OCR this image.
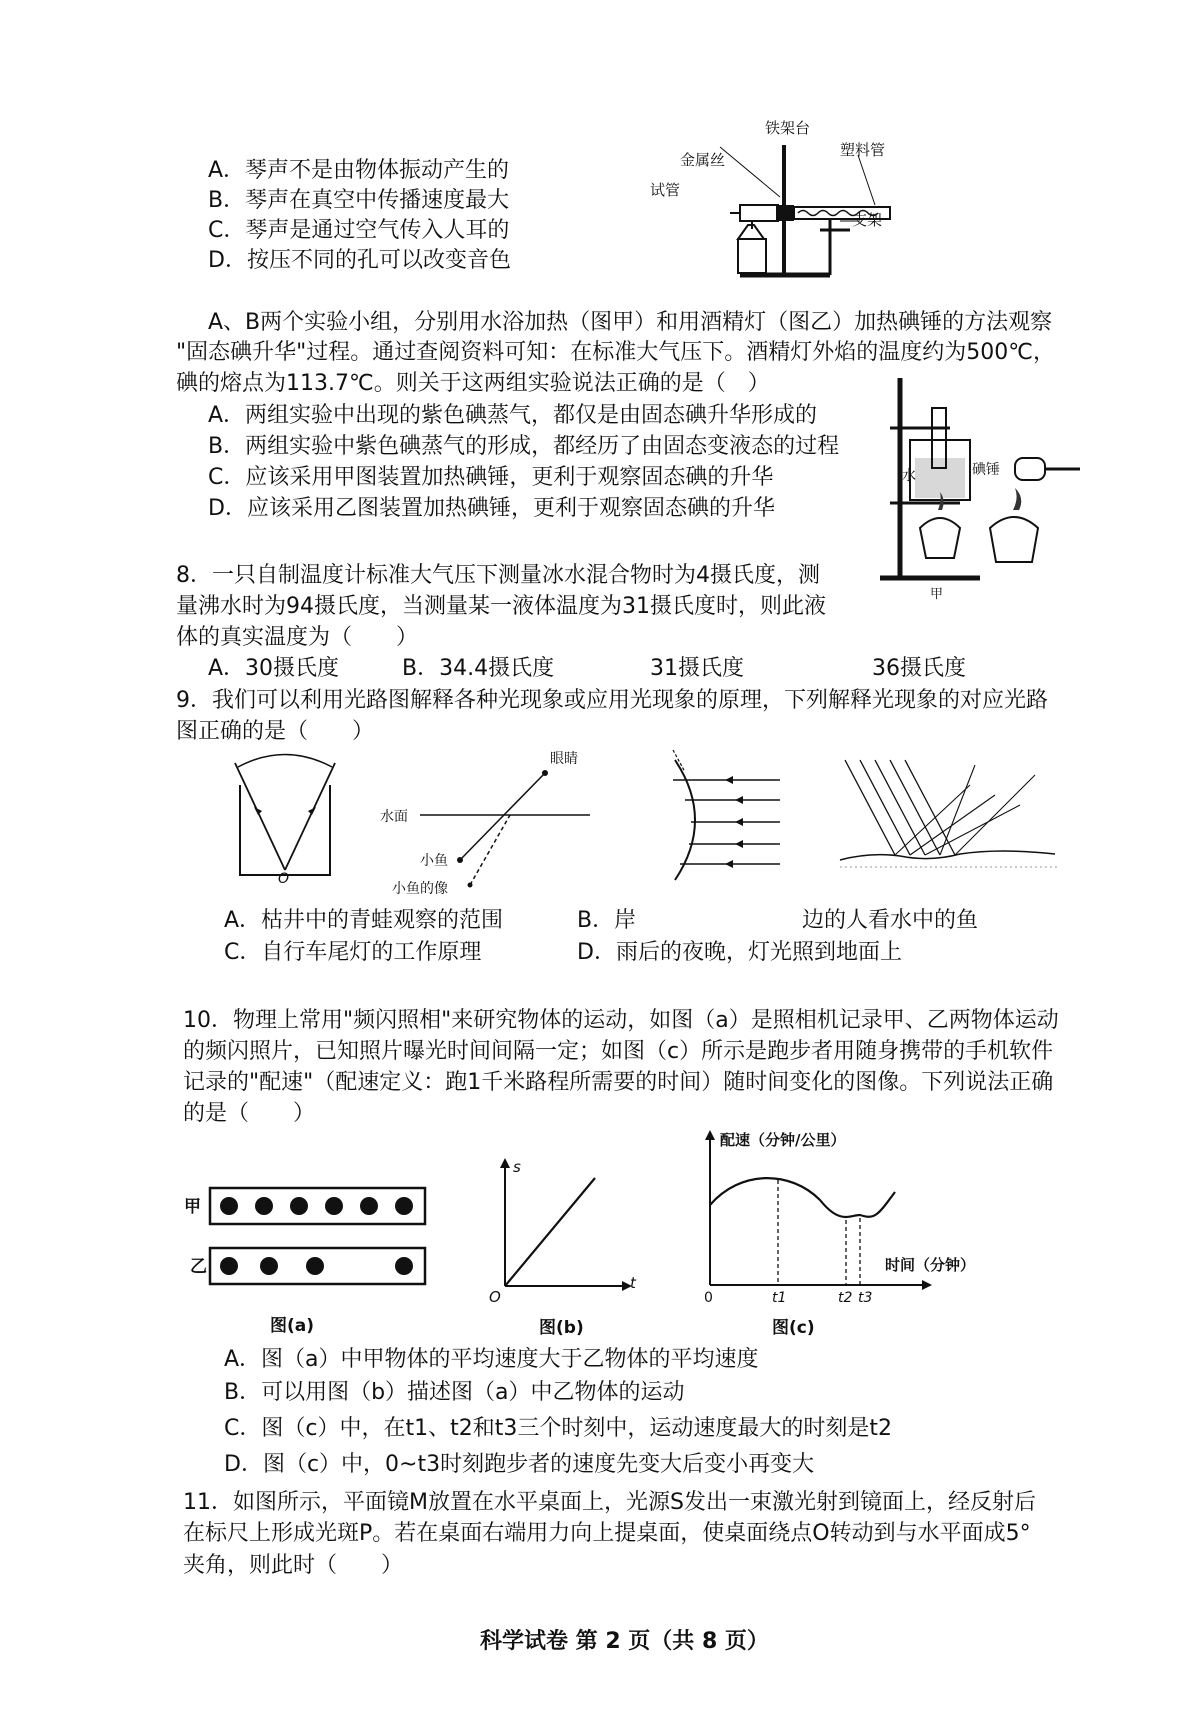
A．琴声不是由物体振动产生的
B．琴声在真空中传播速度最大
C．琴声是通过空气传入人耳的
D．按压不同的孔可以改变音色
铁架台
金属丝
塑料管
试管
支架
A、B两个实验小组，分别用水浴加热（图甲）和用酒精灯（图乙）加热碘锤的方法观察
"固态碘升华"过程。通过查阅资料可知：在标准大气压下。酒精灯外焰的温度约为500℃，
碘的熔点为113.7℃。则关于这两组实验说法正确的是（　）
A．两组实验中出现的紫色碘蒸气，都仅是由固态碘升华形成的
B．两组实验中紫色碘蒸气的形成，都经历了由固态变液态的过程
C．应该采用甲图装置加热碘锤，更利于观察固态碘的升华
D．应该采用乙图装置加热碘锤，更利于观察固态碘的升华
水	碘锤
甲
8．一只自制温度计标准大气压下测量冰水混合物时为4摄氏度，测
量沸水时为94摄氏度，当测量某一液体温度为31摄氏度时，则此液
体的真实温度为（　　）
A．30摄氏度	B．34.4摄氏度	31摄氏度	36摄氏度
9．我们可以利用光路图解释各种光现象或应用光现象的原理，下列解释光现象的对应光路
图正确的是（　　）
O
眼睛
水面
小鱼
小鱼的像
A．枯井中的青蛙观察的范围	B．岸	边的人看水中的鱼
C．自行车尾灯的工作原理	D．雨后的夜晚，灯光照到地面上
10．物理上常用"频闪照相"来研究物体的运动，如图（a）是照相机记录甲、乙两物体运动
的频闪照片，已知照片曝光时间间隔一定；如图（c）所示是跑步者用随身携带的手机软件
记录的"配速"（配速定义：跑1千米路程所需要的时间）随时间变化的图像。下列说法正确
的是（　　）
甲
乙
图(a)
s
t
O
图(b)
配速（分钟/公里）
时间（分钟）
0	t1	t2 t3
图(c)
A．图（a）中甲物体的平均速度大于乙物体的平均速度
B．可以用图（b）描述图（a）中乙物体的运动
C．图（c）中，在t1、t2和t3三个时刻中，运动速度最大的时刻是t2
D．图（c）中，0~t3时刻跑步者的速度先变大后变小再变大
11．如图所示，平面镜M放置在水平桌面上，光源S发出一束激光射到镜面上，经反射后
在标尺上形成光斑P。若在桌面右端用力向上提桌面，使桌面绕点O转动到与水平面成5°
夹角，则此时（　　）
科学试卷 第 2 页（共 8 页）
